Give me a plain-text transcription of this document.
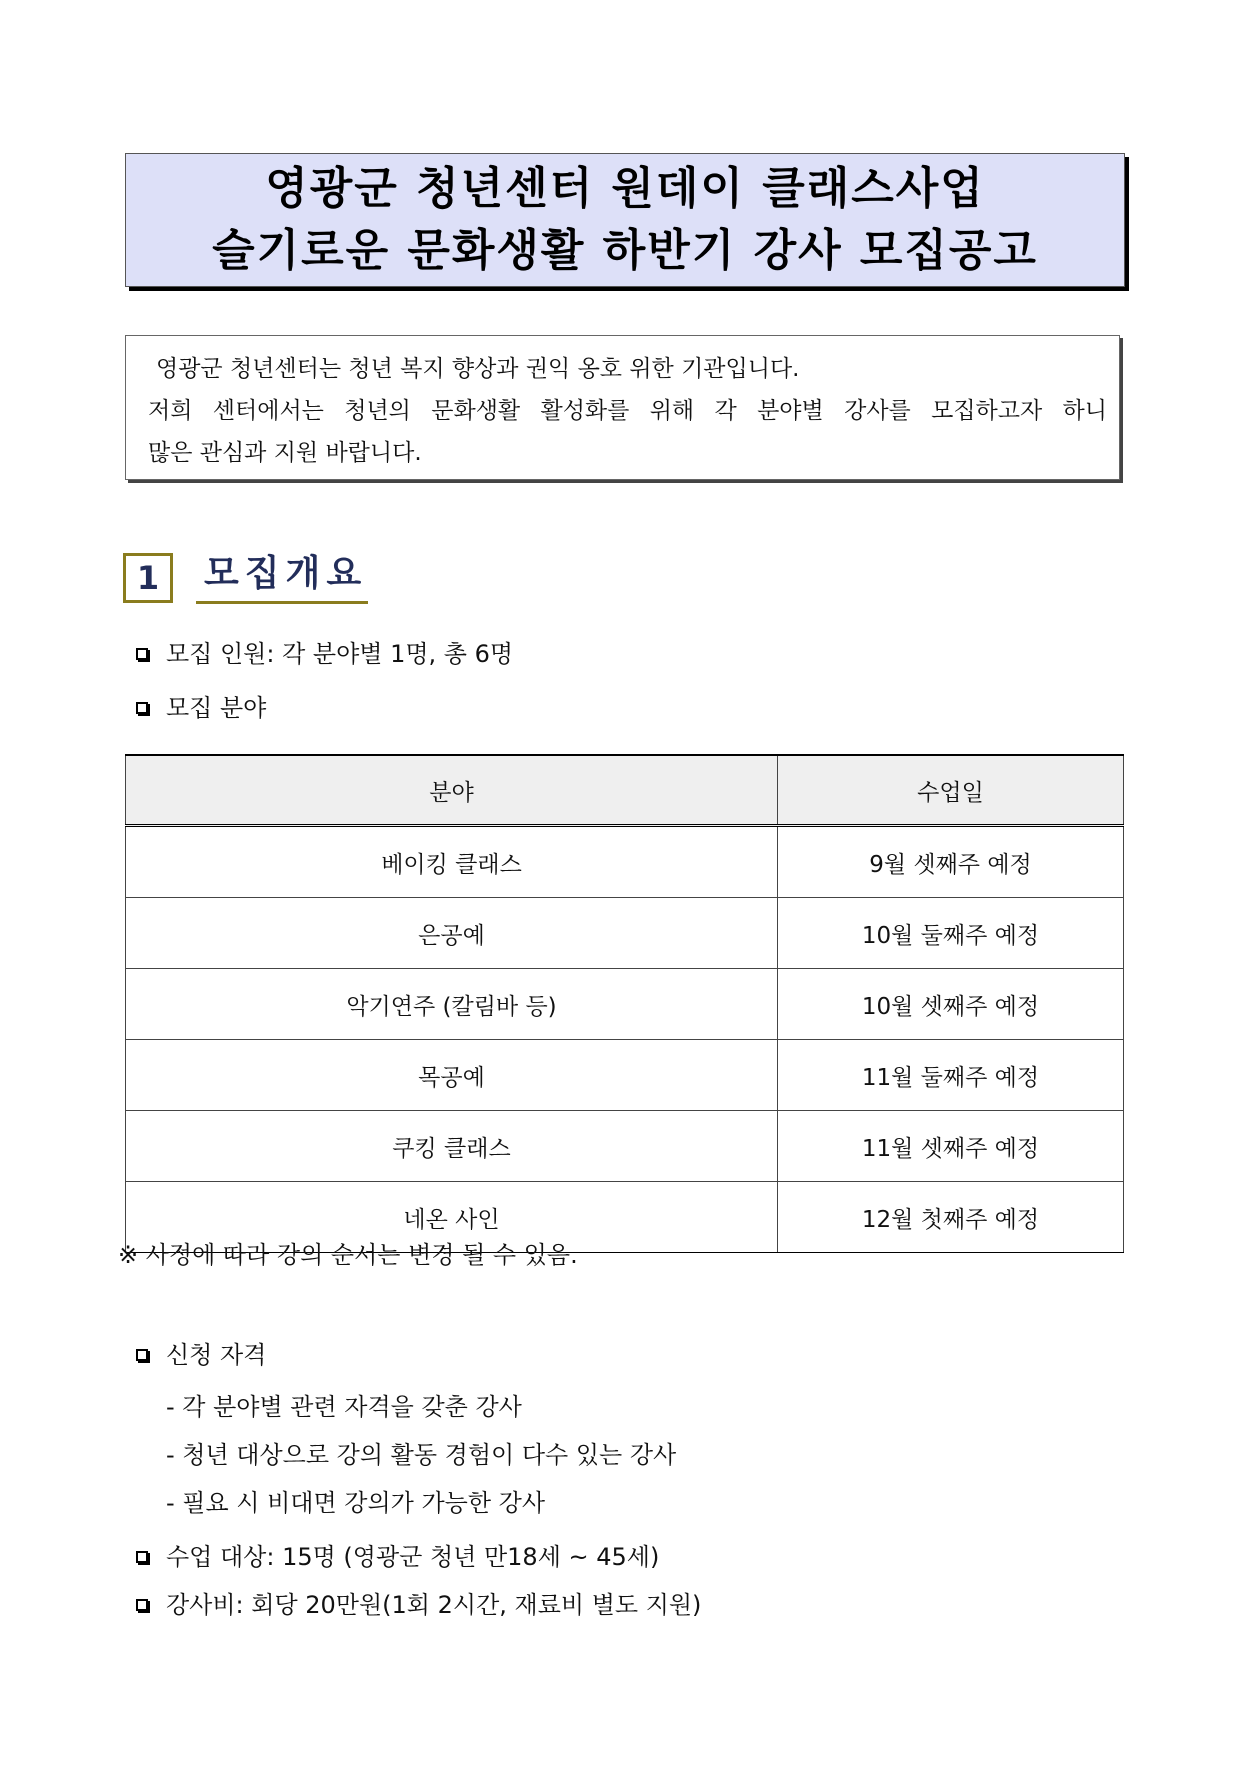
영광군 청년센터 원데이 클래스사업
슬기로운 문화생활 하반기 강사 모집공고
영광군 청년센터는 청년 복지 향상과 권익 옹호 위한 기관입니다.
저희 센터에서는 청년의 문화생활 활성화를 위해 각 분야별 강사를 모집하고자 하니
많은 관심과 지원 바랍니다.
1	모집개요
모집 인원: 각 분야별 1명, 총 6명
모집 분야
분야	수업일
베이킹 클래스	9월 셋째주 예정
은공예	10월 둘째주 예정
악기연주 (칼림바 등)	10월 셋째주 예정
목공예	11월 둘째주 예정
쿠킹 클래스	11월 셋째주 예정
네온 사인	12월 첫째주 예정
※ 사정에 따라 강의 순서는 변경 될 수 있음.
신청 자격
- 각 분야별 관련 자격을 갖춘 강사
- 청년 대상으로 강의 활동 경험이 다수 있는 강사
- 필요 시 비대면 강의가 가능한 강사
수업 대상: 15명 (영광군 청년 만18세 ~ 45세)
강사비: 회당 20만원(1회 2시간, 재료비 별도 지원)
